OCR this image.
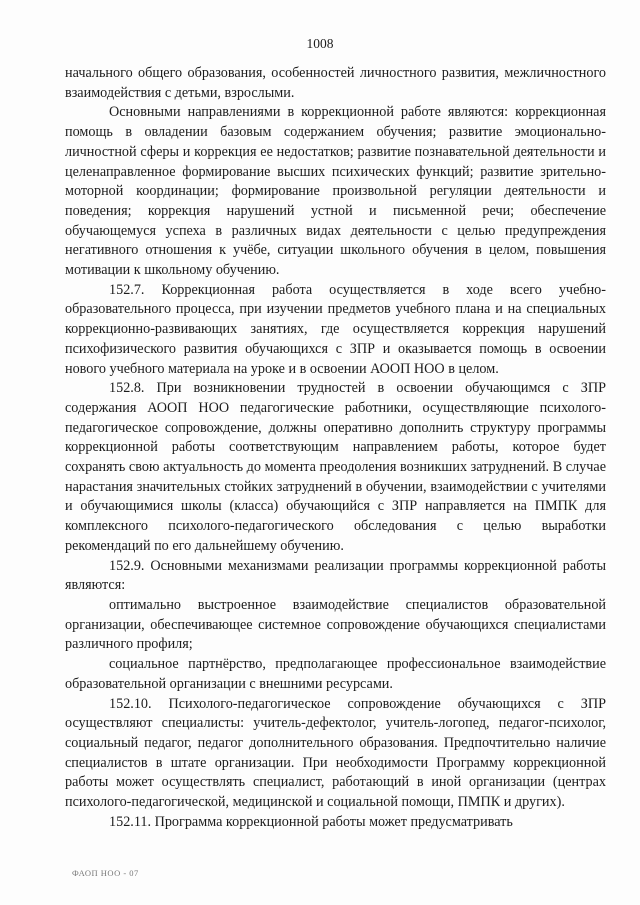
1008

начального общего образования, особенностей личностного развития, межличностного взаимодействия с детьми, взрослыми.

Основными направлениями в коррекционной работе являются: коррекционная помощь в овладении базовым содержанием обучения; развитие эмоционально-личностной сферы и коррекция ее недостатков; развитие познавательной деятельности и целенаправленное формирование высших психических функций; развитие зрительно-моторной координации; формирование произвольной регуляции деятельности и поведения; коррекция нарушений устной и письменной речи; обеспечение обучающемуся успеха в различных видах деятельности с целью предупреждения негативного отношения к учёбе, ситуации школьного обучения в целом, повышения мотивации к школьному обучению.

152.7. Коррекционная работа осуществляется в ходе всего учебно-образовательного процесса, при изучении предметов учебного плана и на специальных коррекционно-развивающих занятиях, где осуществляется коррекция нарушений психофизического развития обучающихся с ЗПР и оказывается помощь в освоении нового учебного материала на уроке и в освоении АООП НОО в целом.

152.8. При возникновении трудностей в освоении обучающимся с ЗПР содержания АООП НОО педагогические работники, осуществляющие психолого-педагогическое сопровождение, должны оперативно дополнить структуру программы коррекционной работы соответствующим направлением работы, которое будет сохранять свою актуальность до момента преодоления возникших затруднений. В случае нарастания значительных стойких затруднений в обучении, взаимодействии с учителями и обучающимися школы (класса) обучающийся с ЗПР направляется на ПМПК для комплексного психолого-педагогического обследования с целью выработки рекомендаций по его дальнейшему обучению.

152.9. Основными механизмами реализации программы коррекционной работы являются:

оптимально выстроенное взаимодействие специалистов образовательной организации, обеспечивающее системное сопровождение обучающихся специалистами различного профиля;

социальное партнёрство, предполагающее профессиональное взаимодействие образовательной организации с внешними ресурсами.

152.10. Психолого-педагогическое сопровождение обучающихся с ЗПР осуществляют специалисты: учитель-дефектолог, учитель-логопед, педагог-психолог, социальный педагог, педагог дополнительного образования. Предпочтительно наличие специалистов в штате организации. При необходимости Программу коррекционной работы может осуществлять специалист, работающий в иной организации (центрах психолого-педагогической, медицинской и социальной помощи, ПМПК и других).

152.11. Программа коррекционной работы может предусматривать

ФАОП НОО - 07
